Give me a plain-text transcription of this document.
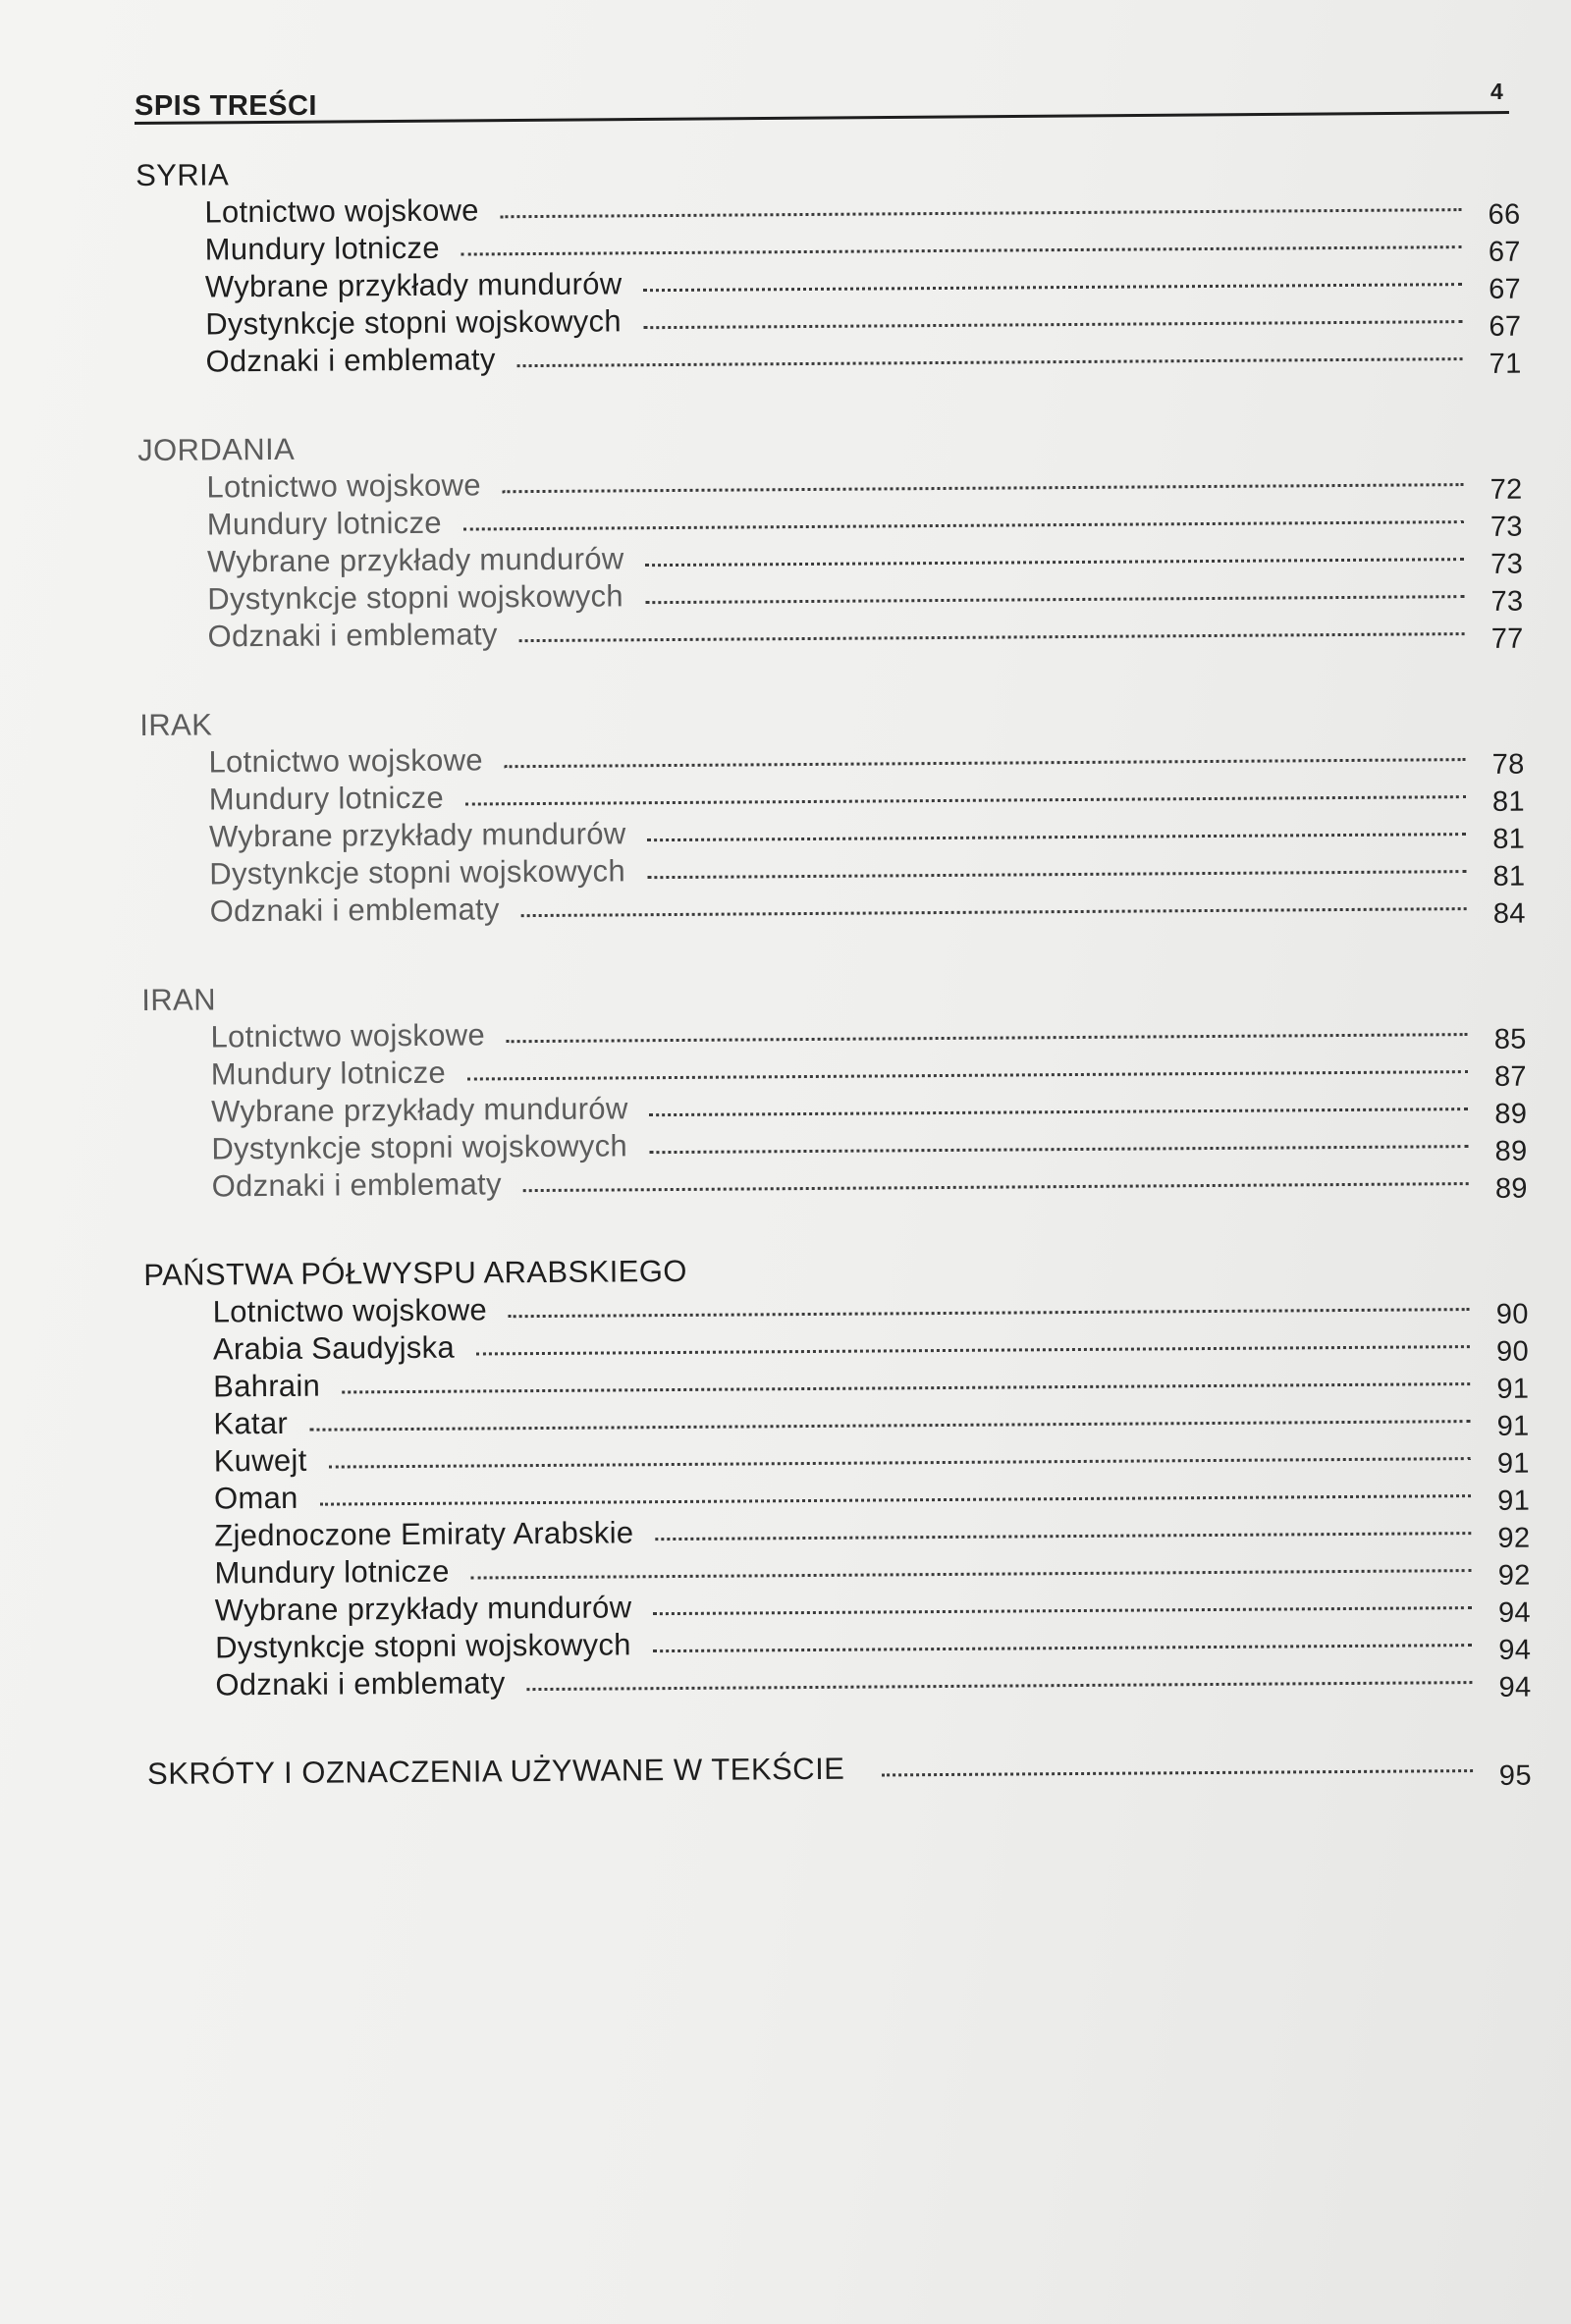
SPIS TREŚCI	4
SYRIA
Lotnictwo wojskowe	66
Mundury lotnicze	67
Wybrane przykłady mundurów	67
Dystynkcje stopni wojskowych	67
Odznaki i emblematy	71
JORDANIA
Lotnictwo wojskowe	72
Mundury lotnicze	73
Wybrane przykłady mundurów	73
Dystynkcje stopni wojskowych	73
Odznaki i emblematy	77
IRAK
Lotnictwo wojskowe	78
Mundury lotnicze	81
Wybrane przykłady mundurów	81
Dystynkcje stopni wojskowych	81
Odznaki i emblematy	84
IRAN
Lotnictwo wojskowe	85
Mundury lotnicze	87
Wybrane przykłady mundurów	89
Dystynkcje stopni wojskowych	89
Odznaki i emblematy	89
PAŃSTWA PÓŁWYSPU ARABSKIEGO
Lotnictwo wojskowe	90
Arabia Saudyjska	90
Bahrain	91
Katar	91
Kuwejt	91
Oman	91
Zjednoczone Emiraty Arabskie	92
Mundury lotnicze	92
Wybrane przykłady mundurów	94
Dystynkcje stopni wojskowych	94
Odznaki i emblematy	94
SKRÓTY I OZNACZENIA UŻYWANE W TEKŚCIE	95
